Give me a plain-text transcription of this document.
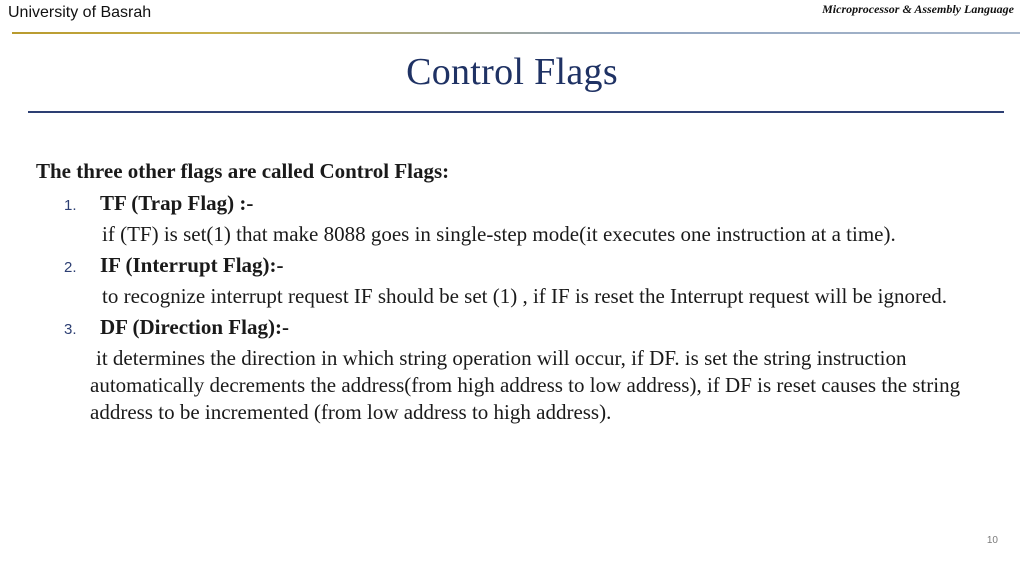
University of Basrah	Microprocessor & Assembly Language
Control Flags

The three other flags are called Control Flags:

1.	TF (Trap Flag) :-

if (TF) is set(1) that make 8088 goes in single-step mode(it executes one instruction at a time).

2.	IF (Interrupt Flag):-

to recognize interrupt request IF should be set (1) , if IF is reset the Interrupt request will be ignored.

3.	DF (Direction Flag):-

it determines the direction in which string operation will occur, if DF. is set the string instruction automatically decrements the address(from high address to low address), if DF is reset causes the string address to be incremented (from low address to high address).

10
